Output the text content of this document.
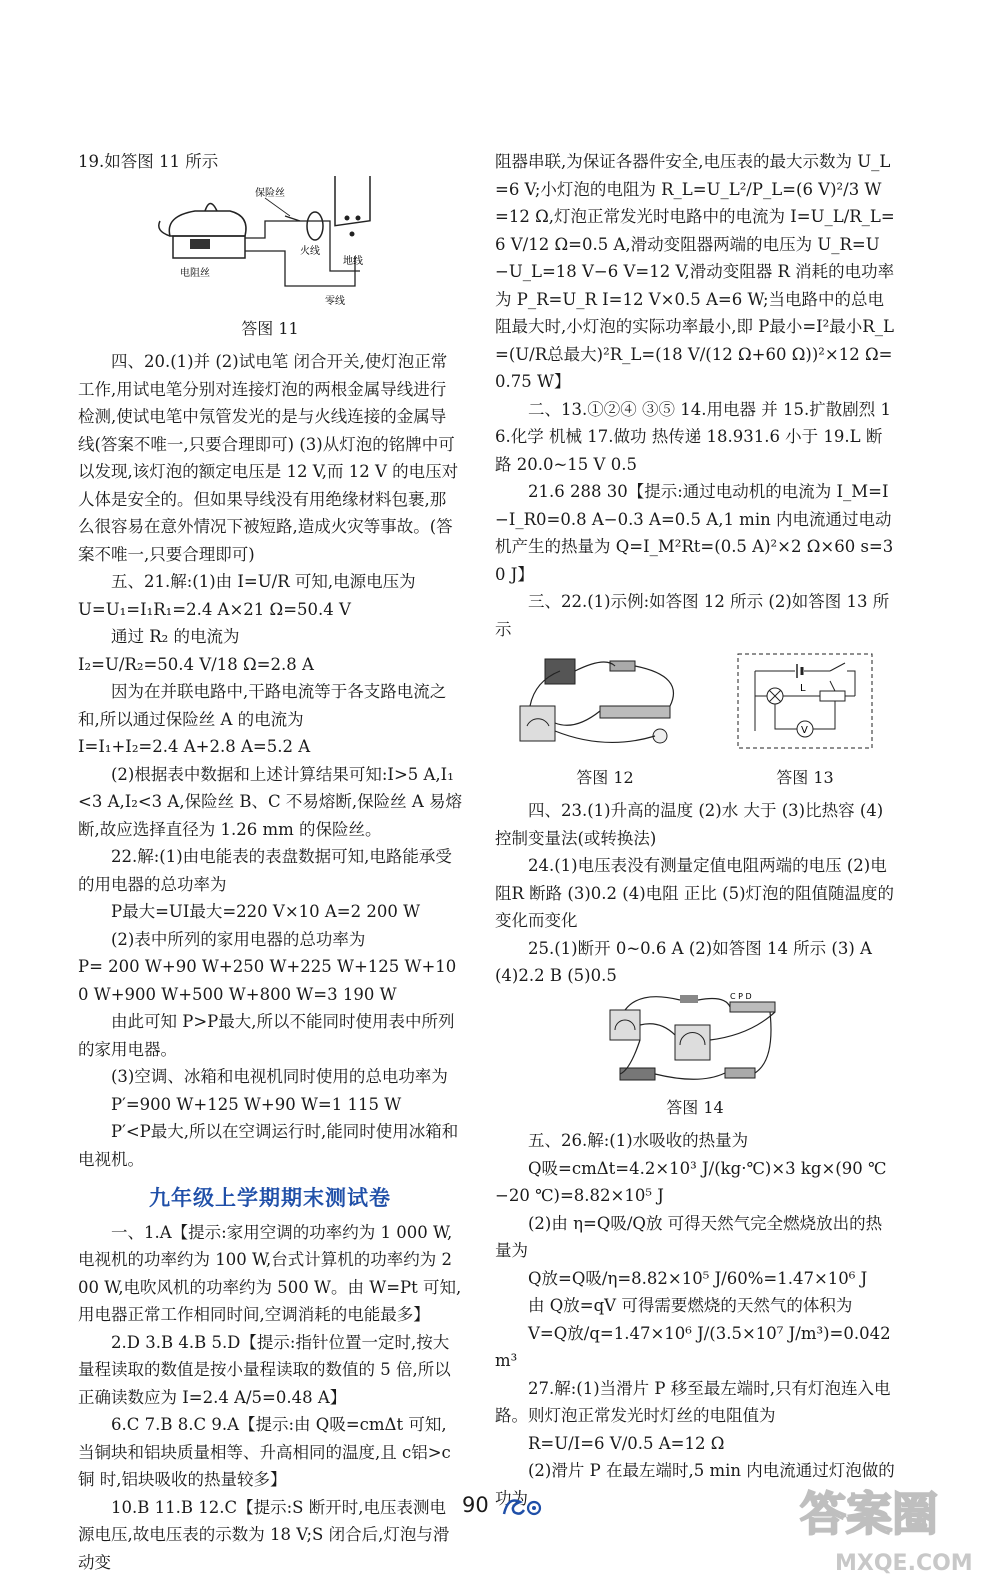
19.如答图 11 所示

保险丝
电阻丝
火线
地线
零线
答图 11

四、20.(1)并 (2)试电笔 闭合开关,使灯泡正常工作,用试电笔分别对连接灯泡的两根金属导线进行检测,使试电笔中氖管发光的是与火线连接的金属导线(答案不唯一,只要合理即可) (3)从灯泡的铭牌中可以发现,该灯泡的额定电压是 12 V,而 12 V 的电压对人体是安全的。但如果导线没有用绝缘材料包裹,那么很容易在意外情况下被短路,造成火灾等事故。(答案不唯一,只要合理即可)

五、21.解:(1)由 I=U/R 可知,电源电压为

U=U₁=I₁R₁=2.4 A×21 Ω=50.4 V

通过 R₂ 的电流为

I₂=U/R₂=50.4 V/18 Ω=2.8 A

因为在并联电路中,干路电流等于各支路电流之和,所以通过保险丝 A 的电流为

I=I₁+I₂=2.4 A+2.8 A=5.2 A

(2)根据表中数据和上述计算结果可知:I>5 A,I₁<3 A,I₂<3 A,保险丝 B、C 不易熔断,保险丝 A 易熔断,故应选择直径为 1.26 mm 的保险丝。

22.解:(1)由电能表的表盘数据可知,电路能承受的用电器的总功率为

P最大=UI最大=220 V×10 A=2 200 W

(2)表中所列的家用电器的总功率为

P= 200 W+90 W+250 W+225 W+125 W+100 W+900 W+500 W+800 W=3 190 W

由此可知 P>P最大,所以不能同时使用表中所列的家用电器。

(3)空调、冰箱和电视机同时使用的总电功率为

P′=900 W+125 W+90 W=1 115 W

P′<P最大,所以在空调运行时,能同时使用冰箱和电视机。

九年级上学期期末测试卷

一、1.A【提示:家用空调的功率约为 1 000 W,电视机的功率约为 100 W,台式计算机的功率约为 200 W,电吹风机的功率约为 500 W。由 W=Pt 可知,用电器正常工作相同时间,空调消耗的电能最多】

2.D 3.B 4.B 5.D【提示:指针位置一定时,按大量程读取的数值是按小量程读取的数值的 5 倍,所以正确读数应为 I=2.4 A/5=0.48 A】

6.C 7.B 8.C 9.A【提示:由 Q吸=cmΔt 可知,当铜块和铝块质量相等、升高相同的温度,且 c铝>c铜 时,铝块吸收的热量较多】

10.B 11.B 12.C【提示:S 断开时,电压表测电源电压,故电压表的示数为 18 V;S 闭合后,灯泡与滑动变

阻器串联,为保证各器件安全,电压表的最大示数为 U_L=6 V;小灯泡的电阻为 R_L=U_L²/P_L=(6 V)²/3 W=12 Ω,灯泡正常发光时电路中的电流为 I=U_L/R_L=6 V/12 Ω=0.5 A,滑动变阻器两端的电压为 U_R=U−U_L=18 V−6 V=12 V,滑动变阻器 R 消耗的电功率为 P_R=U_R I=12 V×0.5 A=6 W;当电路中的总电阻最大时,小灯泡的实际功率最小,即 P最小=I²最小R_L=(U/R总最大)²R_L=(18 V/(12 Ω+60 Ω))²×12 Ω=0.75 W】

二、13.①②④ ③⑤ 14.用电器 并 15.扩散剧烈 16.化学 机械 17.做功 热传递 18.931.6 小于 19.L 断路 20.0~15 V 0.5

21.6 288 30【提示:通过电动机的电流为 I_M=I−I_R0=0.8 A−0.3 A=0.5 A,1 min 内电流通过电动机产生的热量为 Q=I_M²Rt=(0.5 A)²×2 Ω×60 s=30 J】

三、22.(1)示例:如答图 12 所示 (2)如答图 13 所示

答图 12
L
V
答图 13

四、23.(1)升高的温度 (2)水 大于 (3)比热容 (4)控制变量法(或转换法)

24.(1)电压表没有测量定值电阻两端的电压 (2)电阻R 断路 (3)0.2 (4)电阻 正比 (5)灯泡的阻值随温度的变化而变化

25.(1)断开 0~0.6 A (2)如答图 14 所示 (3) A (4)2.2 B (5)0.5

C P D
答图 14

五、26.解:(1)水吸收的热量为

Q吸=cmΔt=4.2×10³ J/(kg·℃)×3 kg×(90 ℃−20 ℃)=8.82×10⁵ J

(2)由 η=Q吸/Q放 可得天然气完全燃烧放出的热量为

Q放=Q吸/η=8.82×10⁵ J/60%=1.47×10⁶ J

由 Q放=qV 可得需要燃烧的天然气的体积为

V=Q放/q=1.47×10⁶ J/(3.5×10⁷ J/m³)=0.042 m³

27.解:(1)当滑片 P 移至最左端时,只有灯泡连入电路。则灯泡正常发光时灯丝的电阻值为

R=U/I=6 V/0.5 A=12 Ω

(2)滑片 P 在最左端时,5 min 内电流通过灯泡做的功为

90	答案圈
MXQE.COM
